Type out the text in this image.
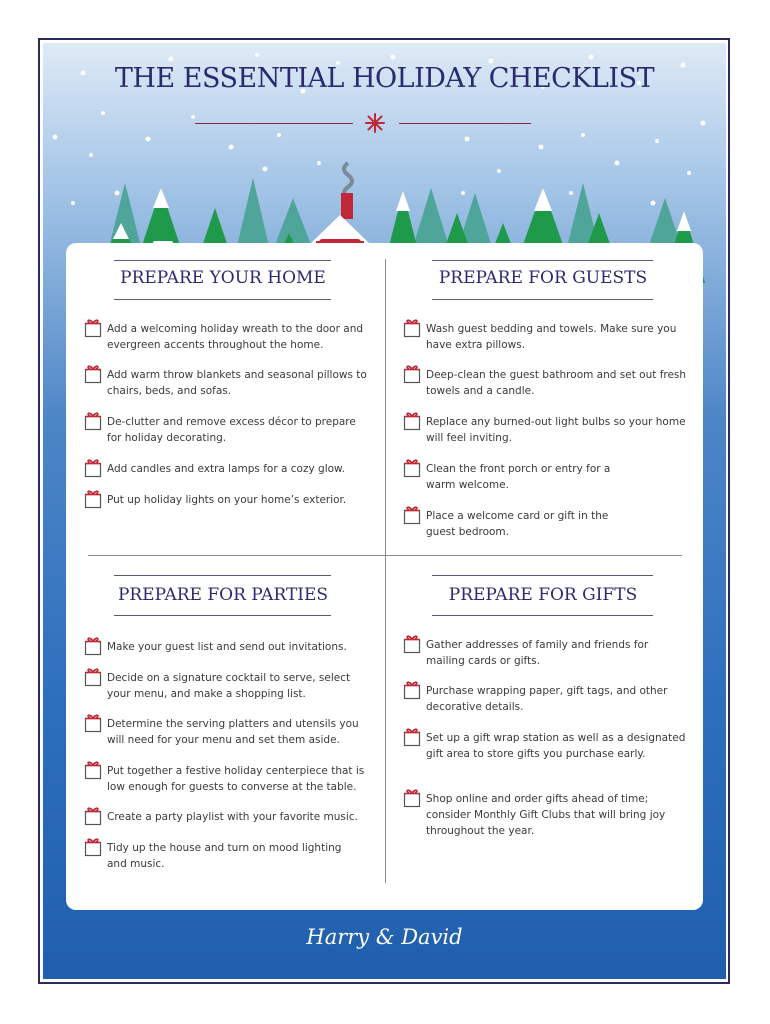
THE ESSENTIAL HOLIDAY CHECKLIST
PREPARE YOUR HOME	PREPARE FOR GUESTS
PREPARE FOR PARTIES	PREPARE FOR GIFTS
Add a welcoming holiday wreath to the door and
evergreen accents throughout the home.
Add warm throw blankets and seasonal pillows to
chairs, beds, and sofas.
De-clutter and remove excess décor to prepare
for holiday decorating.
Add candles and extra lamps for a cozy glow.
Put up holiday lights on your home’s exterior.
Wash guest bedding and towels. Make sure you
have extra pillows.
Deep-clean the guest bathroom and set out fresh
towels and a candle.
Replace any burned-out light bulbs so your home
will feel inviting.
Clean the front porch or entry for a
warm welcome.
Place a welcome card or gift in the
guest bedroom.
Make your guest list and send out invitations.
Decide on a signature cocktail to serve, select
your menu, and make a shopping list.
Determine the serving platters and utensils you
will need for your menu and set them aside.
Put together a festive holiday centerpiece that is
low enough for guests to converse at the table.
Create a party playlist with your favorite music.
Tidy up the house and turn on mood lighting
and music.
Gather addresses of family and friends for
mailing cards or gifts.
Purchase wrapping paper, gift tags, and other
decorative details.
Set up a gift wrap station as well as a designated
gift area to store gifts you purchase early.
Shop online and order gifts ahead of time;
consider Monthly Gift Clubs that will bring joy
throughout the year.
Harry & David
